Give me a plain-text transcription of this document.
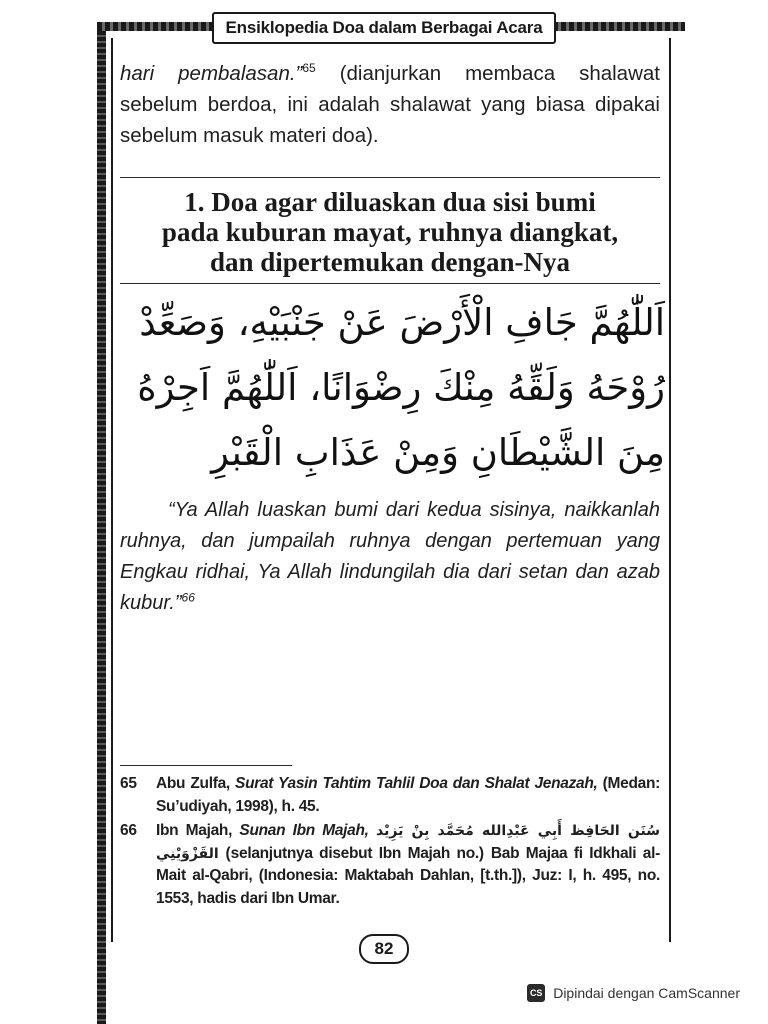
Ensiklopedia Doa dalam Berbagai Acara

hari pembalasan.”$^{65}$ (dianjurkan membaca shalawat sebelum berdoa, ini adalah shalawat yang biasa dipakai sebelum masuk materi doa).

1. Doa agar diluaskan dua sisi bumi
pada kuburan mayat, ruhnya diangkat,
dan dipertemukan dengan-Nya
اَللّٰهُمَّ جَافِ الْأَرْضَ عَنْ جَنْبَيْهِ، وَصَعِّدْ
رُوْحَهُ وَلَقِّهُ مِنْكَ رِضْوَانًا، اَللّٰهُمَّ اَجِرْهُ
مِنَ الشَّيْطَانِ وَمِنْ عَذَابِ الْقَبْرِ

“Ya Allah luaskan bumi dari kedua sisinya, naikkanlah ruhnya, dan jumpailah ruhnya dengan pertemuan yang Engkau ridhai, Ya Allah lindungilah dia dari setan dan azab kubur.”$^{66}$

65	Abu Zulfa, Surat Yasin Tahtim Tahlil Doa dan Shalat Jenazah, (Medan: Su’udiyah, 1998), h. 45.
66	Ibn Majah, Sunan Ibn Majah, سُنَن الحَافِظ أَبِي عَبْدِالله مُحَمَّد بِنْ يَزِيْد القَزْوَيْنِي (selanjutnya disebut Ibn Majah no.) Bab Majaa fi Idkhali al-Mait al-Qabri, (Indonesia: Maktabah Dahlan, [t.th.]), Juz: I, h. 495, no. 1553, hadis dari Ibn Umar.
82
CS Dipindai dengan CamScanner
